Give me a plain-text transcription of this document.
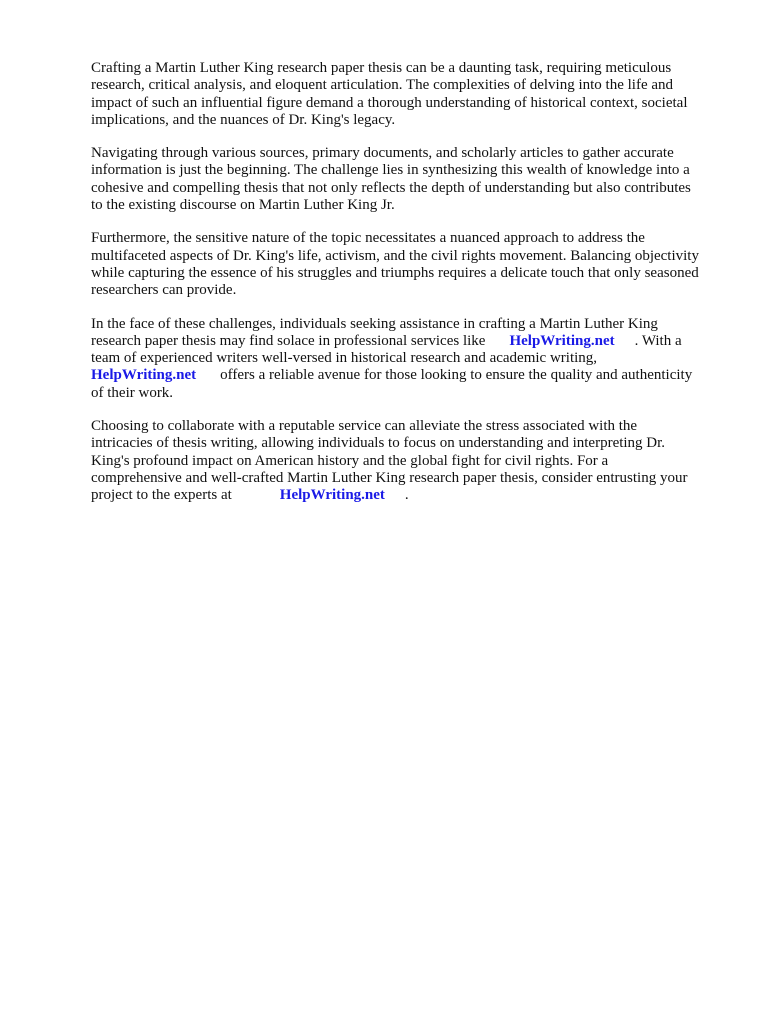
Crafting a Martin Luther King research paper thesis can be a daunting task, requiring meticulous
research, critical analysis, and eloquent articulation. The complexities of delving into the life and
impact of such an influential figure demand a thorough understanding of historical context, societal
implications, and the nuances of Dr. King's legacy.

Navigating through various sources, primary documents, and scholarly articles to gather accurate
information is just the beginning. The challenge lies in synthesizing this wealth of knowledge into a
cohesive and compelling thesis that not only reflects the depth of understanding but also contributes
to the existing discourse on Martin Luther King Jr.

Furthermore, the sensitive nature of the topic necessitates a nuanced approach to address the
multifaceted aspects of Dr. King's life, activism, and the civil rights movement. Balancing objectivity
while capturing the essence of his struggles and triumphs requires a delicate touch that only seasoned
researchers can provide.

In the face of these challenges, individuals seeking assistance in crafting a Martin Luther King
research paper thesis may find solace in professional services like HelpWriting.net . With a
team of experienced writers well-versed in historical research and academic writing,
HelpWriting.net offers a reliable avenue for those looking to ensure the quality and authenticity
of their work.

Choosing to collaborate with a reputable service can alleviate the stress associated with the
intricacies of thesis writing, allowing individuals to focus on understanding and interpreting Dr.
King's profound impact on American history and the global fight for civil rights. For a
comprehensive and well-crafted Martin Luther King research paper thesis, consider entrusting your
project to the experts at	HelpWriting.net .
